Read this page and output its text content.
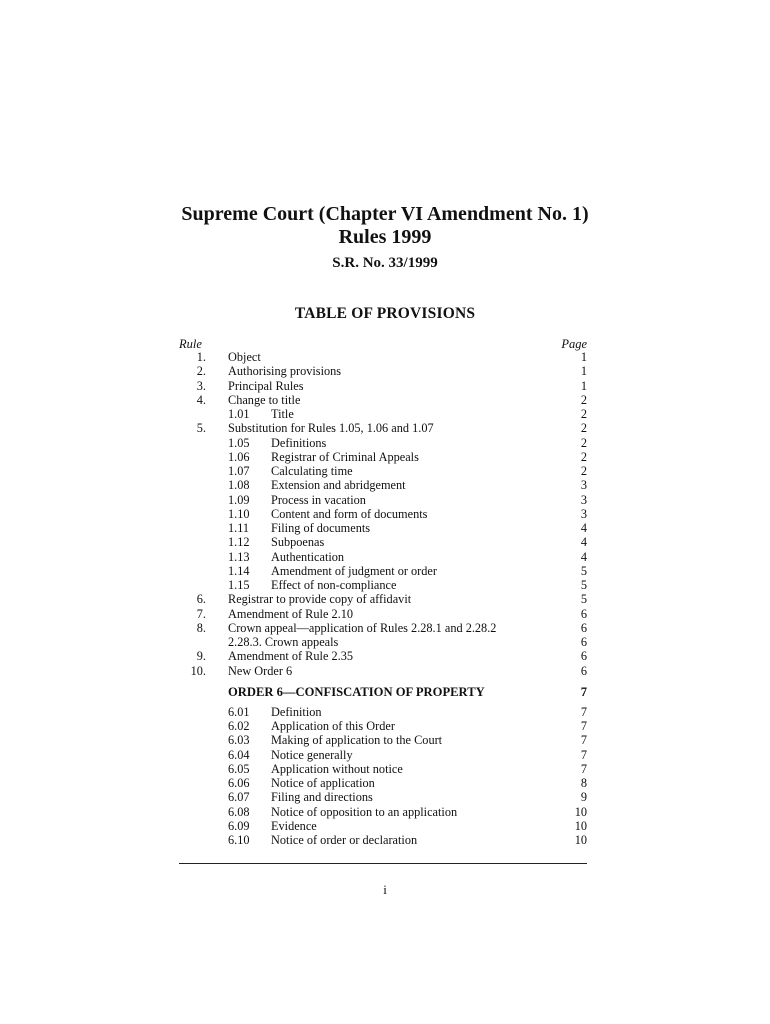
Supreme Court (Chapter VI Amendment No. 1)
Rules 1999
S.R. No. 33/1999
TABLE OF PROVISIONS
Rule	Page
1. Object	1
2. Authorising provisions	1
3. Principal Rules	1
4. Change to title	2
1.01 Title	2
5. Substitution for Rules 1.05, 1.06 and 1.07	2
1.05 Definitions	2
1.06 Registrar of Criminal Appeals	2
1.07 Calculating time	2
1.08 Extension and abridgement	3
1.09 Process in vacation	3
1.10 Content and form of documents	3
1.11 Filing of documents	4
1.12 Subpoenas	4
1.13 Authentication	4
1.14 Amendment of judgment or order	5
1.15 Effect of non-compliance	5
6. Registrar to provide copy of affidavit	5
7. Amendment of Rule 2.10	6
8. Crown appeal—application of Rules 2.28.1 and 2.28.2	6
2.28.3. Crown appeals	6
9. Amendment of Rule 2.35	6
10. New Order 6	6
ORDER 6—CONFISCATION OF PROPERTY	7
6.01 Definition	7
6.02 Application of this Order	7
6.03 Making of application to the Court	7
6.04 Notice generally	7
6.05 Application without notice	7
6.06 Notice of application	8
6.07 Filing and directions	9
6.08 Notice of opposition to an application	10
6.09 Evidence	10
6.10 Notice of order or declaration	10
i
